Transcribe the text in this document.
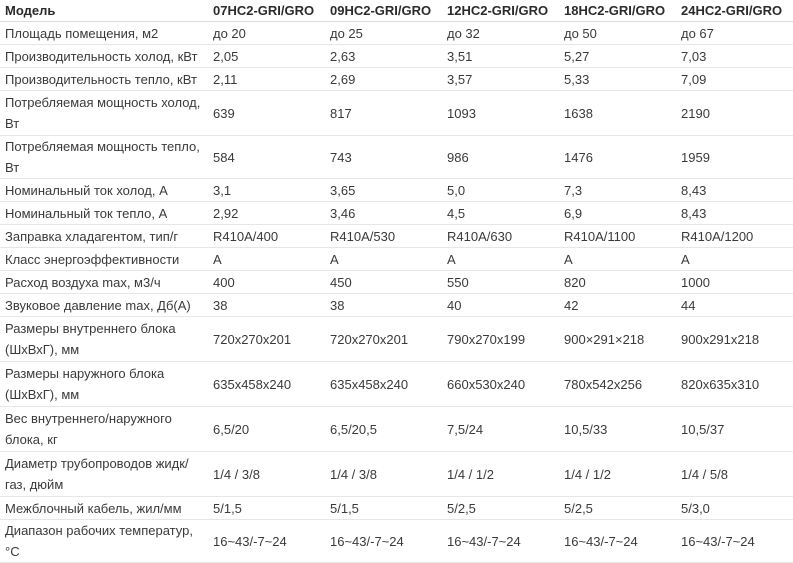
Модель	07HC2-GRI/GRO	09HC2-GRI/GRO	12HC2-GRI/GRO	18HC2-GRI/GRO	24HC2-GRI/GRO
Площадь помещения, м2	до 20	до 25	до 32	до 50	до 67
Производительность холод, кВт	2,05	2,63	3,51	5,27	7,03
Производительность тепло, кВт	2,11	2,69	3,57	5,33	7,09
Потребляемая мощность холод, Вт	639	817	1093	1638	2190
Потребляемая мощность тепло, Вт	584	743	986	1476	1959
Номинальный ток холод, А	3,1	3,65	5,0	7,3	8,43
Номинальный ток тепло, А	2,92	3,46	4,5	6,9	8,43
Заправка хладагентом, тип/г	R410A/400	R410A/530	R410A/630	R410A/1100	R410A/1200
Класс энергоэффективности	A	A	A	A	A
Расход воздуха max, м3/ч	400	450	550	820	1000
Звуковое давление max, Дб(А)	38	38	40	42	44
Размеры внутреннего блока (ШхВхГ), мм	720x270x201	720x270x201	790x270x199	900×291×218	900x291x218
Размеры наружного блока (ШхВхГ), мм	635x458x240	635x458x240	660x530x240	780x542x256	820x635x310
Вес внутреннего/наружного блока, кг	6,5/20	6,5/20,5	7,5/24	10,5/33	10,5/37
Диаметр трубопроводов жидк/газ, дюйм	1/4 / 3/8	1/4 / 3/8	1/4 / 1/2	1/4 / 1/2	1/4 / 5/8
Межблочный кабель, жил/мм	5/1,5	5/1,5	5/2,5	5/2,5	5/3,0
Диапазон рабочих температур, °С	16~43/-7~24	16~43/-7~24	16~43/-7~24	16~43/-7~24	16~43/-7~24
